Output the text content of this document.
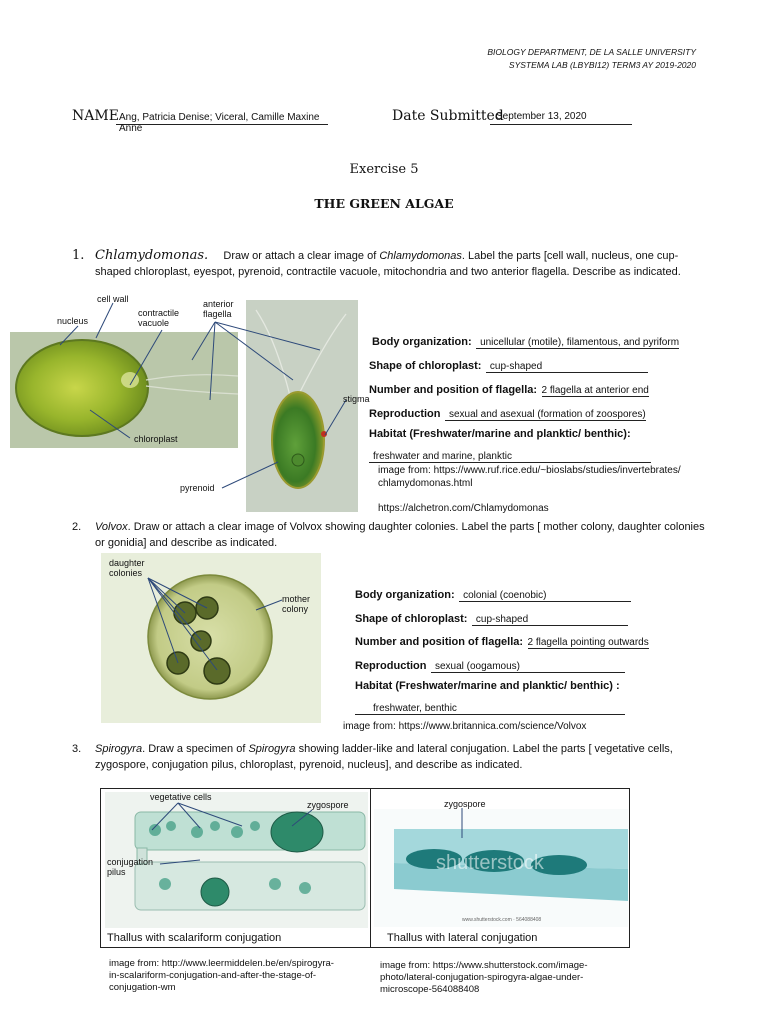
BIOLOGY DEPARTMENT, DE LA SALLE UNIVERSITY
SYSTEMA LAB (LBYBI12) TERM3 AY 2019-2020
NAME Ang, Patricia Denise; Viceral, Camille Maxine Anne
Date Submitted
September 13, 2020
Exercise 5
THE GREEN ALGAE
1. Chlamydomonas. Draw or attach a clear image of Chlamydomonas. Label the parts [cell wall, nucleus, one cup-shaped chloroplast, eyespot, pyrenoid, contractile vacuole, mitochondria and two anterior flagella. Describe as indicated.
cell wall
nucleus
contractile
vacuole
anterior
flagella
chloroplast
stigma
pyrenoid
Body organization: unicellular (motile), filamentous, and pyriform
Shape of chloroplast: cup-shaped
Number and position of flagella: 2 flagella at anterior end
Reproduction sexual and asexual (formation of zoospores)
Habitat (Freshwater/marine and planktic/ benthic):
freshwater and marine, planktic
image from: https://www.ruf.rice.edu/~bioslabs/studies/invertebrates/
chlamydomonas.html
https://alchetron.com/Chlamydomonas
2. Volvox. Draw or attach a clear image of Volvox showing daughter colonies. Label the parts [ mother colony, daughter colonies or gonidia] and describe as indicated.
daughter
colonies
mother
colony
Body organization: colonial (coenobic)
Shape of chloroplast: cup-shaped
Number and position of flagella: 2 flagella pointing outwards
Reproduction sexual (oogamous)
Habitat (Freshwater/marine and planktic/ benthic) :
freshwater, benthic
image from: https://www.britannica.com/science/Volvox
3. Spirogyra. Draw a specimen of Spirogyra showing ladder-like and lateral conjugation. Label the parts [ vegetative cells, zygospore, conjugation pilus, chloroplast, pyrenoid, nucleus], and describe as indicated.
shutterstock
www.shutterstock.com · 564088408
Thallus with scalariform conjugation	Thallus with lateral conjugation
vegetative cells
zygospore
conjugation
pilus
zygospore
image from: http://www.leermiddelen.be/en/spirogyra-
in-scalariform-conjugation-and-after-the-stage-of-
conjugation-wm
image from: https://www.shutterstock.com/image-
photo/lateral-conjugation-spirogyra-algae-under-
microscope-564088408
